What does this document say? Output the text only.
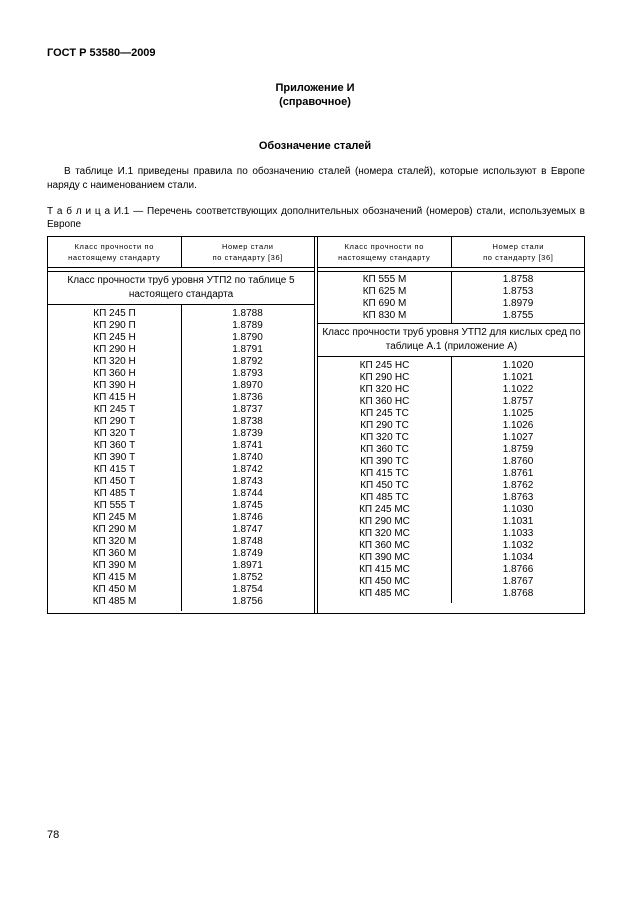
ГОСТ Р 53580—2009
Приложение И
(справочное)
Обозначение сталей

В таблице И.1 приведены правила по обозначению сталей (номера сталей), которые используют в Европе наряду с наименованием стали.

Т а б л и ц а И.1 — Перечень соответствующих дополнительных обозначений (номеров) стали, используемых в Европе

Класс прочности по
настоящему стандарту
Номер стали
по стандарту [36]
Класс прочности труб уровня УТП2 по таблице 5 настоящего стандарта
КП 245 П	1.8788
КП 290 П	1.8789
КП 245 Н	1.8790
КП 290 Н	1.8791
КП 320 Н	1.8792
КП 360 Н	1.8793
КП 390 Н	1.8970
КП 415 Н	1.8736
КП 245 Т	1.8737
КП 290 Т	1.8738
КП 320 Т	1.8739
КП 360 Т	1.8741
КП 390 Т	1.8740
КП 415 Т	1.8742
КП 450 Т	1.8743
КП 485 Т	1.8744
КП 555 Т	1.8745
КП 245 М	1.8746
КП 290 М	1.8747
КП 320 М	1.8748
КП 360 М	1.8749
КП 390 М	1.8971
КП 415 М	1.8752
КП 450 М	1.8754
КП 485 М	1.8756
Класс прочности по
настоящему стандарту
Номер стали
по стандарту [36]
КП 555 М	1.8758
КП 625 М	1.8753
КП 690 М	1.8979
КП 830 М	1.8755
Класс прочности труб уровня УТП2 для кислых сред по таблице А.1 (приложение А)
КП 245 НС	1.1020
КП 290 НС	1.1021
КП 320 НС	1.1022
КП 360 НС	1.8757
КП 245 ТС	1.1025
КП 290 ТС	1.1026
КП 320 ТС	1.1027
КП 360 ТС	1.8759
КП 390 ТС	1.8760
КП 415 ТС	1.8761
КП 450 ТС	1.8762
КП 485 ТС	1.8763
КП 245 МС	1.1030
КП 290 МС	1.1031
КП 320 МС	1.1033
КП 360 МС	1.1032
КП 390 МС	1.1034
КП 415 МС	1.8766
КП 450 МС	1.8767
КП 485 МС	1.8768
78
